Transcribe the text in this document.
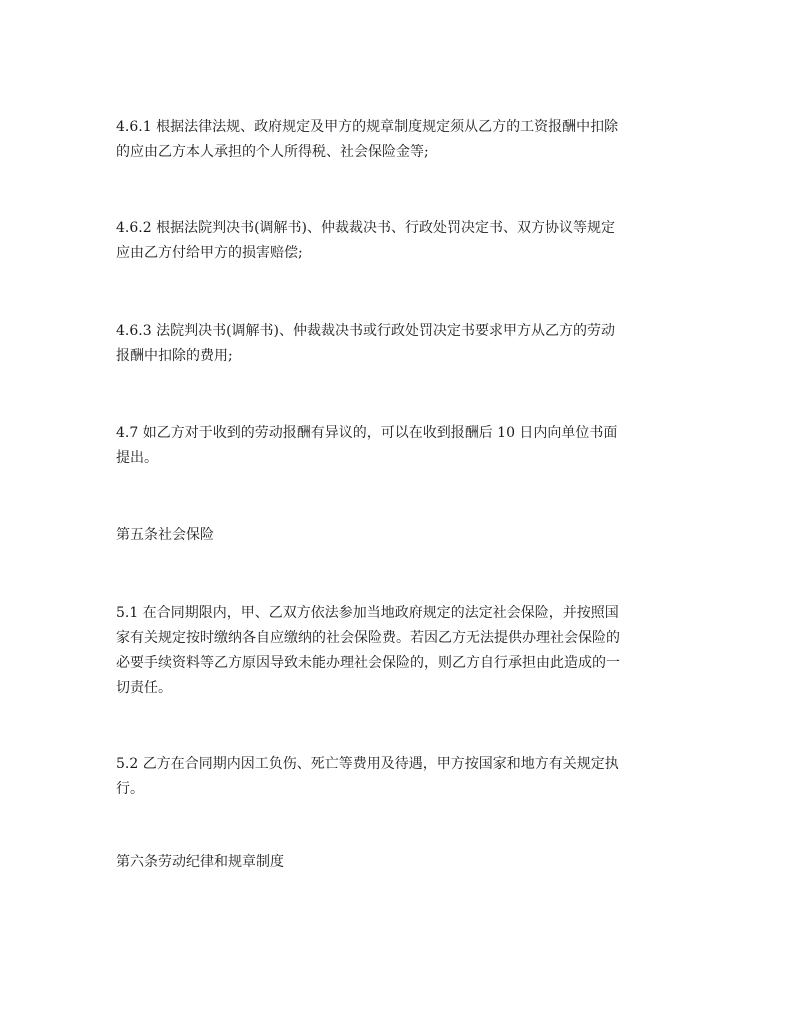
4.6.1 根据法律法规、政府规定及甲方的规章制度规定须从乙方的工资报酬中扣除
的应由乙方本人承担的个人所得税、社会保险金等;

4.6.2 根据法院判决书(调解书)、仲裁裁决书、行政处罚决定书、双方协议等规定
应由乙方付给甲方的损害赔偿;

4.6.3 法院判决书(调解书)、仲裁裁决书或行政处罚决定书要求甲方从乙方的劳动
报酬中扣除的费用;

4.7 如乙方对于收到的劳动报酬有异议的，可以在收到报酬后 10 日内向单位书面
提出。

第五条社会保险

5.1 在合同期限内，甲、乙双方依法参加当地政府规定的法定社会保险，并按照国
家有关规定按时缴纳各自应缴纳的社会保险费。若因乙方无法提供办理社会保险的
必要手续资料等乙方原因导致未能办理社会保险的，则乙方自行承担由此造成的一
切责任。

5.2 乙方在合同期内因工负伤、死亡等费用及待遇，甲方按国家和地方有关规定执
行。

第六条劳动纪律和规章制度
